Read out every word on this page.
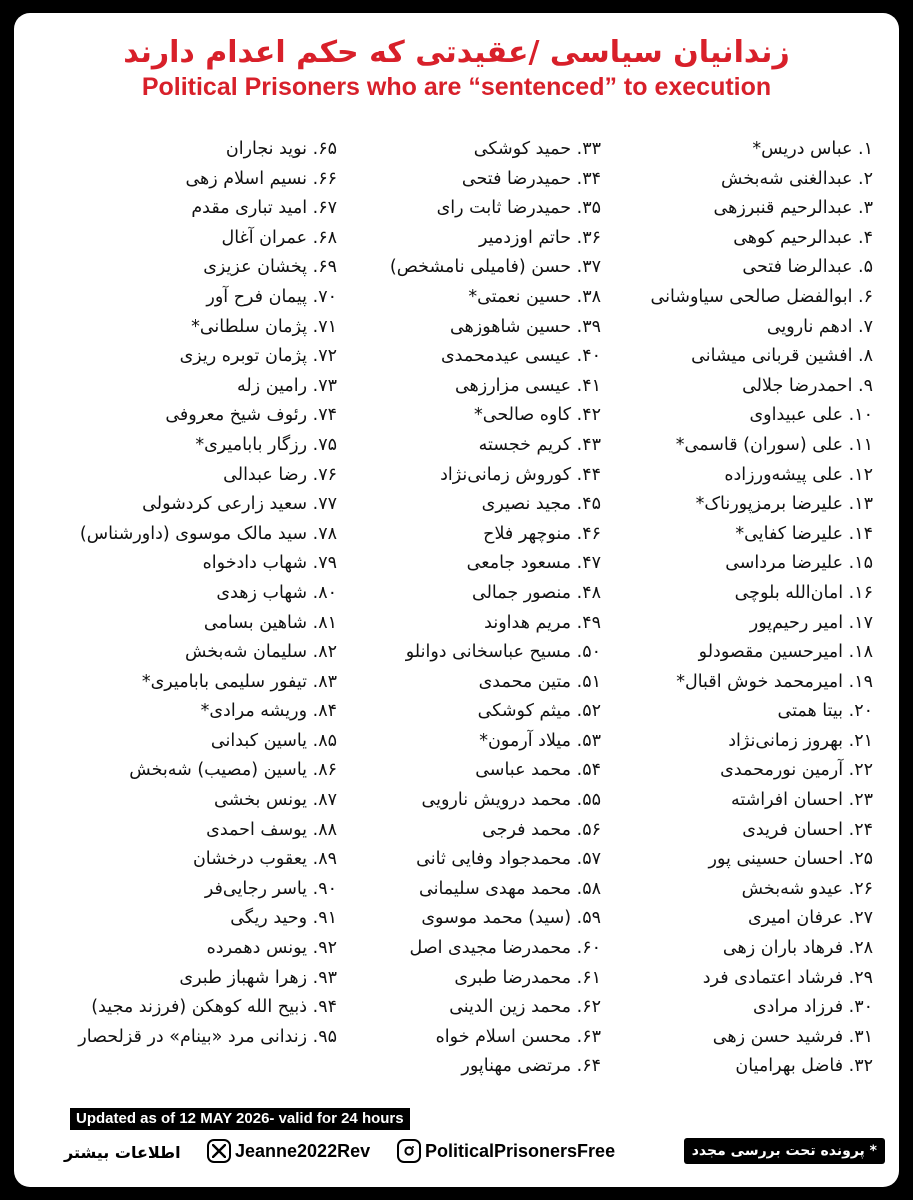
زندانیان سیاسی /عقیدتی که حکم اعدام دارند
Political Prisoners who are “sentenced” to execution
۱. عباس دریس*
۲. عبدالغنی شه‌بخش
۳. عبدالرحیم قنبرزهی
۴. عبدالرحیم کوهی
۵. عبدالرضا فتحی
۶. ابوالفضل صالحی سیاوشانی
۷. ادهم نارویی
۸. افشین قربانی میشانی
۹. احمدرضا جلالی
۱۰. علی عبیداوی
۱۱. علی (سوران) قاسمی*
۱۲. علی پیشه‌ورزاده
۱۳. علیرضا برمزپورناک*
۱۴. علیرضا کفایی*
۱۵. علیرضا مرداسی
۱۶. امان‌الله بلوچی
۱۷. امیر رحیم‌پور
۱۸. امیرحسین مقصودلو
۱۹. امیرمحمد خوش اقبال*
۲۰. بیتا همتی
۲۱. بهروز زمانی‌نژاد
۲۲. آرمین نورمحمدی
۲۳. احسان افراشته
۲۴. احسان فریدی
۲۵. احسان حسینی پور
۲۶. عیدو شه‌بخش
۲۷. عرفان امیری
۲۸. فرهاد باران زهی
۲۹. فرشاد اعتمادی فرد
۳۰. فرزاد مرادی
۳۱. فرشید حسن زهی
۳۲. فاضل بهرامیان
۳۳. حمید کوشکی
۳۴. حمیدرضا فتحی
۳۵. حمیدرضا ثابت رای
۳۶. حاتم اوزدمیر
۳۷. حسن (فامیلی نامشخص)
۳۸. حسین نعمتی*
۳۹. حسین شاهوزهی
۴۰. عیسی عیدمحمدی
۴۱. عیسی مزارزهی
۴۲. کاوه صالحی*
۴۳. کریم خجسته
۴۴. کوروش زمانی‌نژاد
۴۵. مجید نصیری
۴۶. منوچهر فلاح
۴۷. مسعود جامعی
۴۸. منصور جمالی
۴۹. مریم هداوند
۵۰. مسیح عباسخانی دوانلو
۵۱. متین محمدی
۵۲. میثم کوشکی
۵۳. میلاد آرمون*
۵۴. محمد عباسی
۵۵. محمد درویش نارویی
۵۶. محمد فرجی
۵۷. محمدجواد وفایی ثانی
۵۸. محمد مهدی سلیمانی
۵۹. (سید) محمد موسوی
۶۰. محمدرضا مجیدی اصل
۶۱. محمدرضا طبری
۶۲. محمد زین الدینی
۶۳. محسن اسلام خواه
۶۴. مرتضی مهناپور
۶۵. نوید نجاران
۶۶. نسیم اسلام زهی
۶۷. امید تباری مقدم
۶۸. عمران آغال
۶۹. پخشان عزیزی
۷۰. پیمان فرح آور
۷۱. پژمان سلطانی*
۷۲. پژمان توبره ریزی
۷۳. رامین زله
۷۴. رئوف شیخ معروفی
۷۵. رزگار بابامیری*
۷۶. رضا عبدالی
۷۷. سعید زارعی کردشولی
۷۸. سید مالک موسوی (داورشناس)
۷۹. شهاب دادخواه
۸۰. شهاب زهدی
۸۱. شاهین بسامی
۸۲. سلیمان شه‌بخش
۸۳. تیفور سلیمی بابامیری*
۸۴. وریشه مرادی*
۸۵. یاسین کبدانی
۸۶. یاسین (مصیب) شه‌بخش
۸۷. یونس بخشی
۸۸. یوسف احمدی
۸۹. یعقوب درخشان
۹۰. یاسر رجایی‌فر
۹۱. وحید ریگی
۹۲. یونس دهمرده
۹۳. زهرا شهباز طبری
۹۴. ذبیح الله کوهکن (فرزند مجید)
۹۵. زندانی مرد «بینام» در قزلحصار
Updated as of 12 MAY 2026- valid for 24 hours
اطلاعات بیشتر	Jeanne2022Rev	PoliticalPrisonersFree	* پرونده تحت بررسی مجدد
